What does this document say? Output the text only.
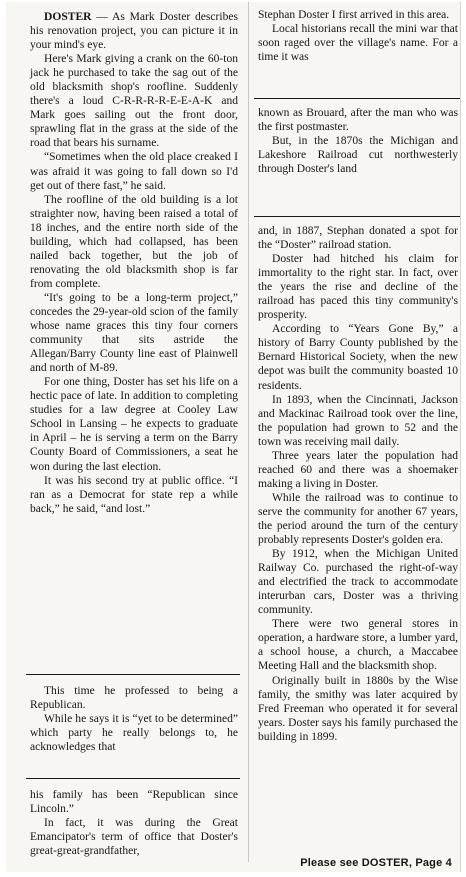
DOSTER — As Mark Doster describes his renovation project, you can picture it in your mind's eye.

Here's Mark giving a crank on the 60-ton jack he purchased to take the sag out of the old blacksmith shop's roofline. Suddenly there's a loud C-R-R-R-R-E-E-A-K and Mark goes sailing out the front door, sprawling flat in the grass at the side of the road that bears his surname.

“Sometimes when the old place creaked I was afraid it was going to fall down so I'd get out of there fast,” he said.

The roofline of the old building is a lot straighter now, having been raised a total of 18 inches, and the entire north side of the building, which had collapsed, has been nailed back together, but the job of renovating the old blacksmith shop is far from complete.

“It's going to be a long-term project,” concedes the 29-year-old scion of the family whose name graces this tiny four corners community that sits astride the Allegan/Barry County line east of Plainwell and north of M-89.

For one thing, Doster has set his life on a hectic pace of late. In addition to completing studies for a law degree at Cooley Law School in Lansing – he expects to graduate in April – he is serving a term on the Barry County Board of Commissioners, a seat he won during the last election.

It was his second try at public office. “I ran as a Democrat for state rep a while back,” he said, “and lost.”

This time he professed to being a Republican.

While he says it is “yet to be determined” which party he really belongs to, he acknowledges that

his family has been “Republican since Lincoln.”

In fact, it was during the Great Emancipator's term of office that Doster's great-great-grandfather,

Stephan Doster I first arrived in this area.

Local historians recall the mini war that soon raged over the village's name. For a time it was

known as Brouard, after the man who was the first postmaster.

But, in the 1870s the Michigan and Lakeshore Railroad cut northwesterly through Doster's land

and, in 1887, Stephan donated a spot for the “Doster” railroad station.

Doster had hitched his claim for immortality to the right star. In fact, over the years the rise and decline of the railroad has paced this tiny community's prosperity.

According to “Years Gone By,” a history of Barry County published by the Bernard Historical Society, when the new depot was built the community boasted 10 residents.

In 1893, when the Cincinnati, Jackson and Mackinac Railroad took over the line, the population had grown to 52 and the town was receiving mail daily.

Three years later the population had reached 60 and there was a shoemaker making a living in Doster.

While the railroad was to continue to serve the community for another 67 years, the period around the turn of the century probably represents Doster's golden era.

By 1912, when the Michigan United Railway Co. purchased the right-of-way and electrified the track to accommodate interurban cars, Doster was a thriving community.

There were two general stores in operation, a hardware store, a lumber yard, a school house, a church, a Maccabee Meeting Hall and the blacksmith shop.

Originally built in 1880s by the Wise family, the smithy was later acquired by Fred Freeman who operated it for several years. Doster says his family purchased the building in 1899.

Please see DOSTER, Page 4
